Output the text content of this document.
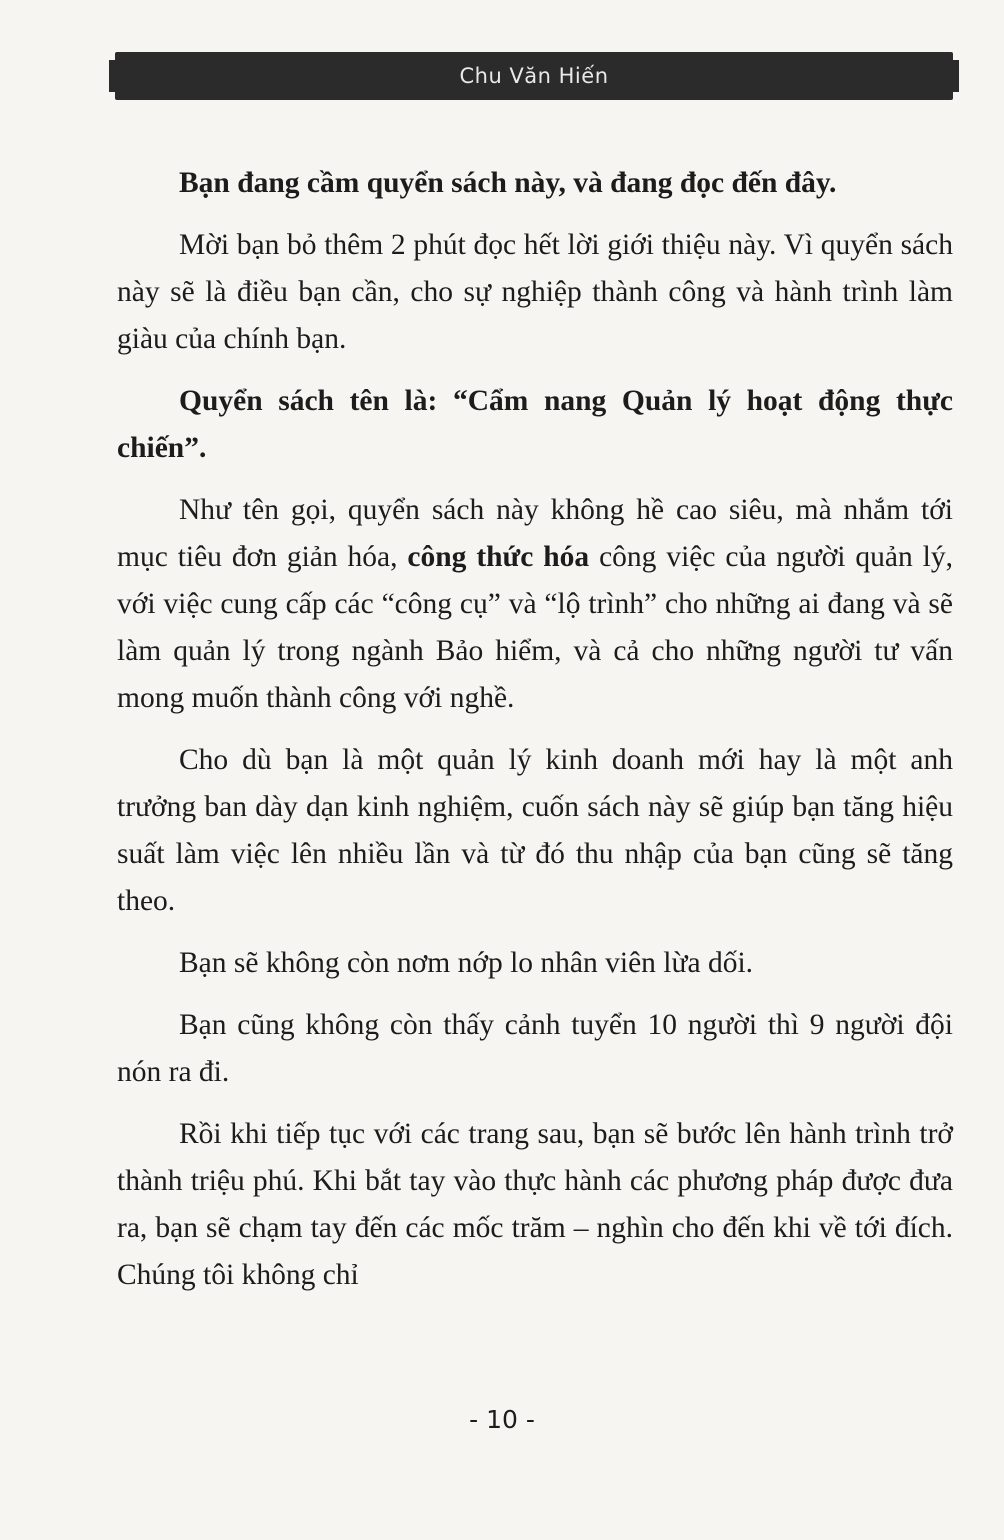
Chu Văn Hiến

Bạn đang cầm quyển sách này, và đang đọc đến đây.

Mời bạn bỏ thêm 2 phút đọc hết lời giới thiệu này. Vì quyển sách này sẽ là điều bạn cần, cho sự nghiệp thành công và hành trình làm giàu của chính bạn.

Quyển sách tên là: “Cẩm nang Quản lý hoạt động thực chiến”.

Như tên gọi, quyển sách này không hề cao siêu, mà nhắm tới mục tiêu đơn giản hóa, công thức hóa công việc của người quản lý, với việc cung cấp các “công cụ” và “lộ trình” cho những ai đang và sẽ làm quản lý trong ngành Bảo hiểm, và cả cho những người tư vấn mong muốn thành công với nghề.

Cho dù bạn là một quản lý kinh doanh mới hay là một anh trưởng ban dày dạn kinh nghiệm, cuốn sách này sẽ giúp bạn tăng hiệu suất làm việc lên nhiều lần và từ đó thu nhập của bạn cũng sẽ tăng theo.

Bạn sẽ không còn nơm nớp lo nhân viên lừa dối.

Bạn cũng không còn thấy cảnh tuyển 10 người thì 9 người đội nón ra đi.

Rồi khi tiếp tục với các trang sau, bạn sẽ bước lên hành trình trở thành triệu phú. Khi bắt tay vào thực hành các phương pháp được đưa ra, bạn sẽ chạm tay đến các mốc trăm – nghìn cho đến khi về tới đích. Chúng tôi không chỉ

- 10 -
